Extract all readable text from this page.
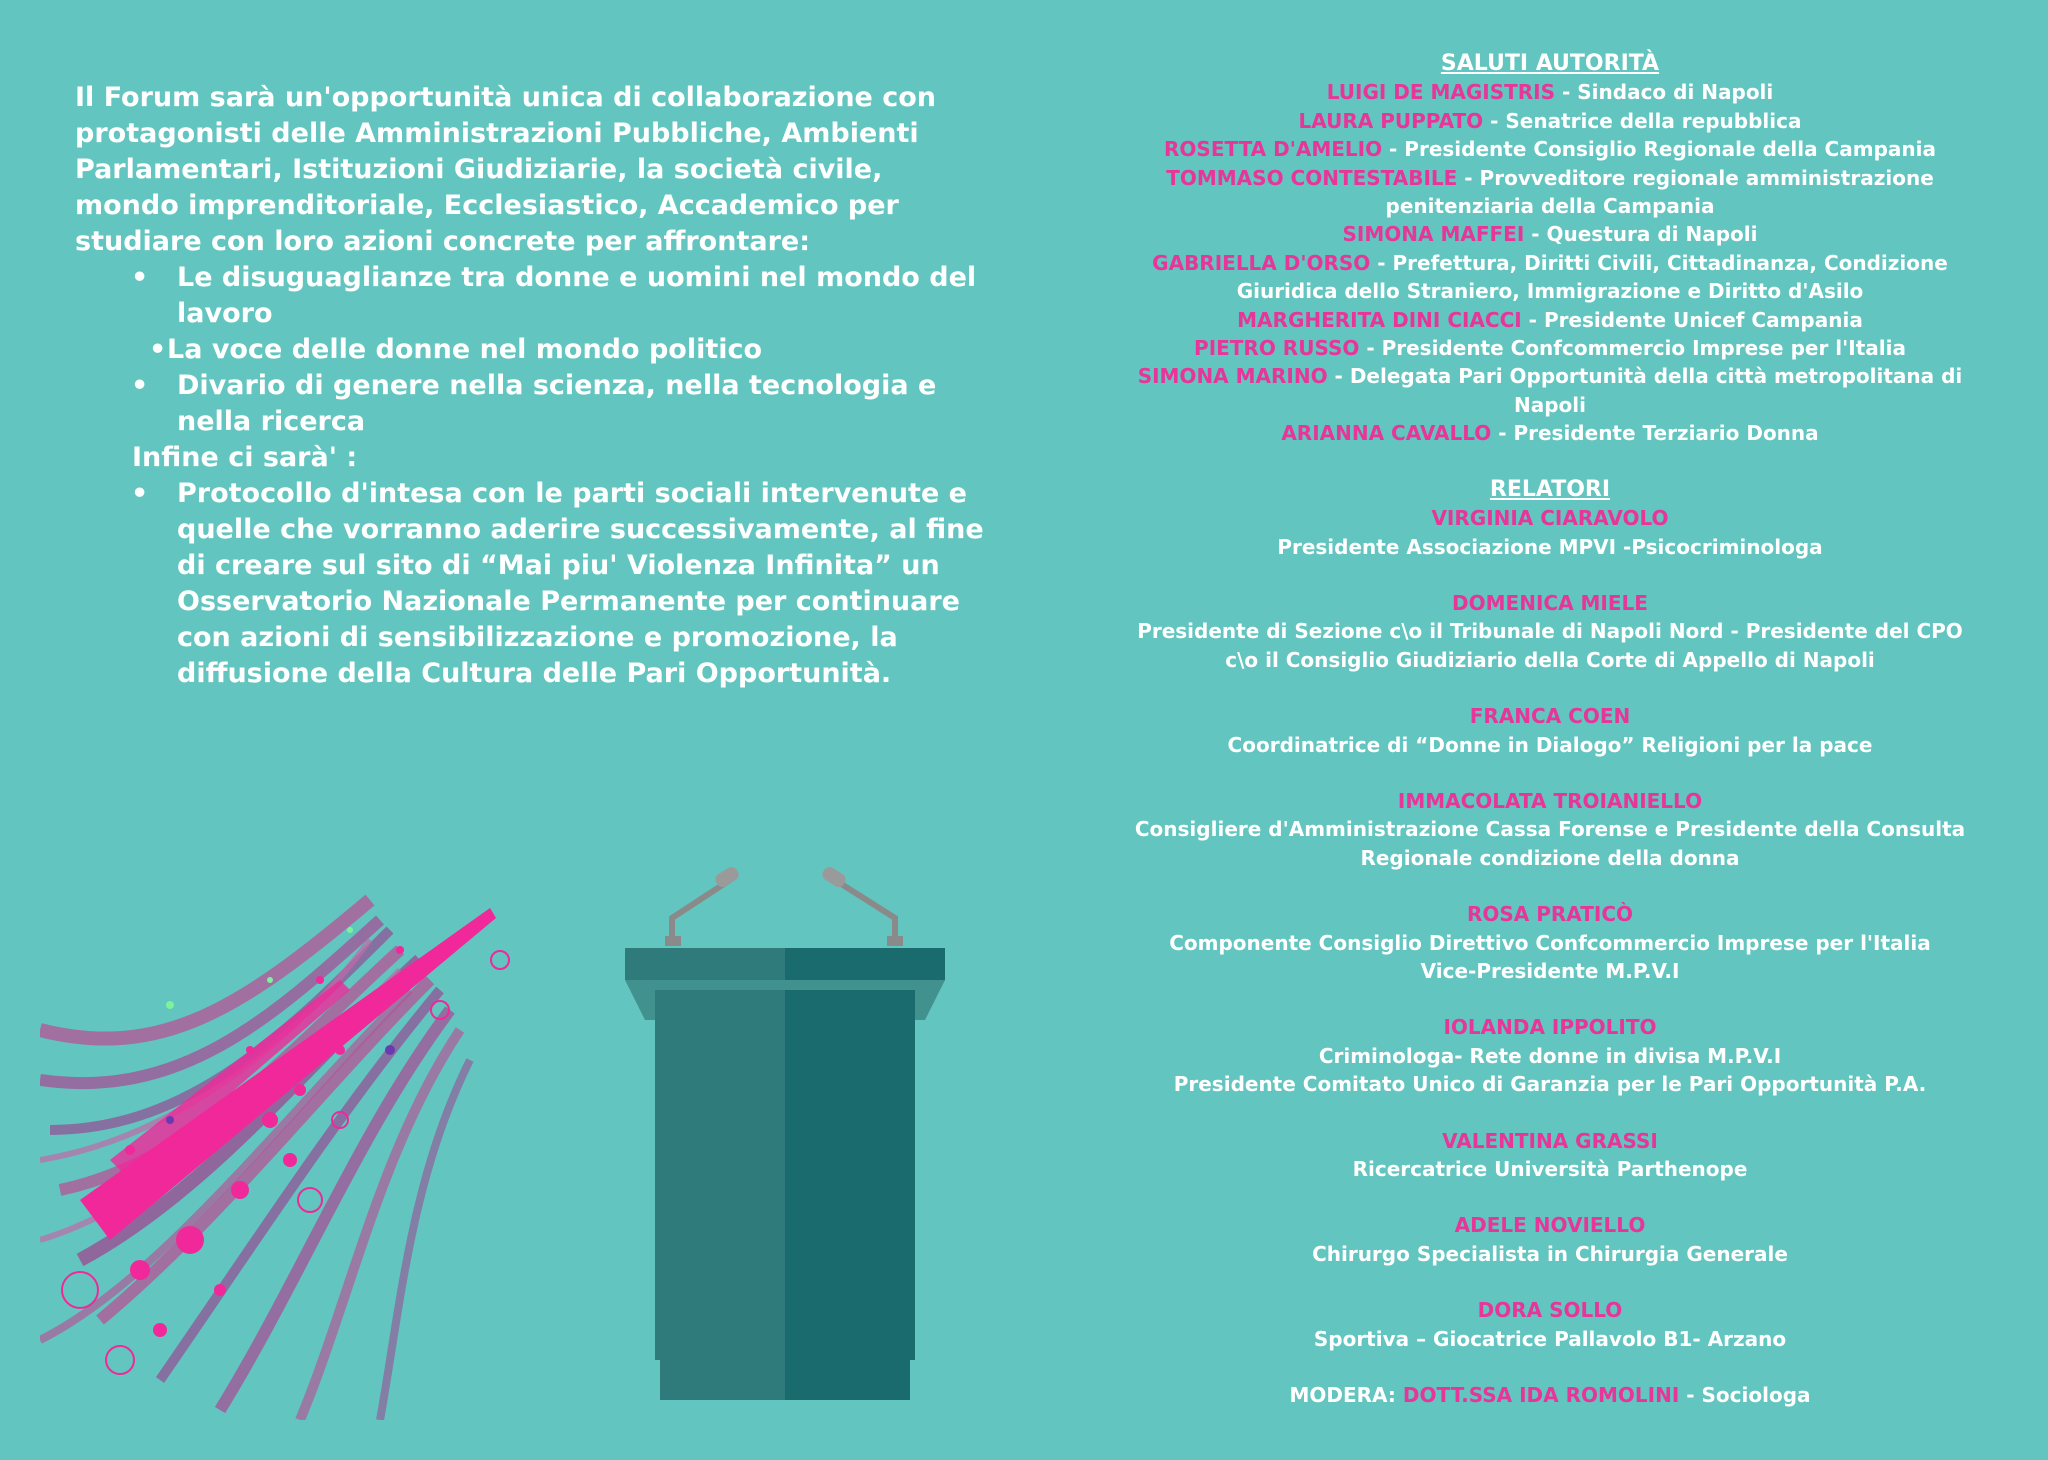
Il Forum sarà un'opportunità unica di collaborazione con protagonisti delle Amministrazioni Pubbliche, Ambienti Parlamentari, Istituzioni Giudiziarie, la società civile, mondo imprenditoriale, Ecclesiastico, Accademico per studiare con loro azioni concrete per affrontare:

• Le disuguaglianze tra donne e uomini nel mondo del lavoro

• La voce delle donne nel mondo politico

• Divario di genere nella scienza, nella tecnologia e nella ricerca

Infine ci sarà' :

• Protocollo d'intesa con le parti sociali intervenute e quelle che vorranno aderire successivamente, al fine di creare sul sito di “Mai piu' Violenza Infinita” un Osservatorio Nazionale Permanente per continuare con azioni di sensibilizzazione e promozione, la diffusione della Cultura delle Pari Opportunità.

SALUTI AUTORITÀ
LUIGI DE MAGISTRIS - Sindaco di Napoli
LAURA PUPPATO - Senatrice della repubblica
ROSETTA D'AMELIO - Presidente Consiglio Regionale della Campania
TOMMASO CONTESTABILE - Provveditore regionale amministrazione penitenziaria della Campania
SIMONA MAFFEI - Questura di Napoli
GABRIELLA D'ORSO - Prefettura, Diritti Civili, Cittadinanza, Condizione Giuridica dello Straniero, Immigrazione e Diritto d'Asilo
MARGHERITA DINI CIACCI - Presidente Unicef Campania
PIETRO RUSSO - Presidente Confcommercio Imprese per l'Italia
SIMONA MARINO - Delegata Pari Opportunità della città metropolitana di Napoli
ARIANNA CAVALLO - Presidente Terziario Donna
RELATORI
VIRGINIA CIARAVOLO
Presidente Associazione MPVI -Psicocriminologa
DOMENICA MIELE
Presidente di Sezione c\o il Tribunale di Napoli Nord - Presidente del CPO
c\o il Consiglio Giudiziario della Corte di Appello di Napoli
FRANCA COEN
Coordinatrice di “Donne in Dialogo” Religioni per la pace
IMMACOLATA TROIANIELLO
Consigliere d'Amministrazione Cassa Forense e Presidente della Consulta
Regionale condizione della donna
ROSA PRATICÒ
Componente Consiglio Direttivo Confcommercio Imprese per l'Italia
Vice-Presidente M.P.V.I
IOLANDA IPPOLITO
Criminologa- Rete donne in divisa M.P.V.I
Presidente Comitato Unico di Garanzia per le Pari Opportunità P.A.
VALENTINA GRASSI
Ricercatrice Università Parthenope
ADELE NOVIELLO
Chirurgo Specialista in Chirurgia Generale
DORA SOLLO
Sportiva – Giocatrice Pallavolo B1- Arzano
MODERA: DOTT.SSA IDA ROMOLINI - Sociologa
